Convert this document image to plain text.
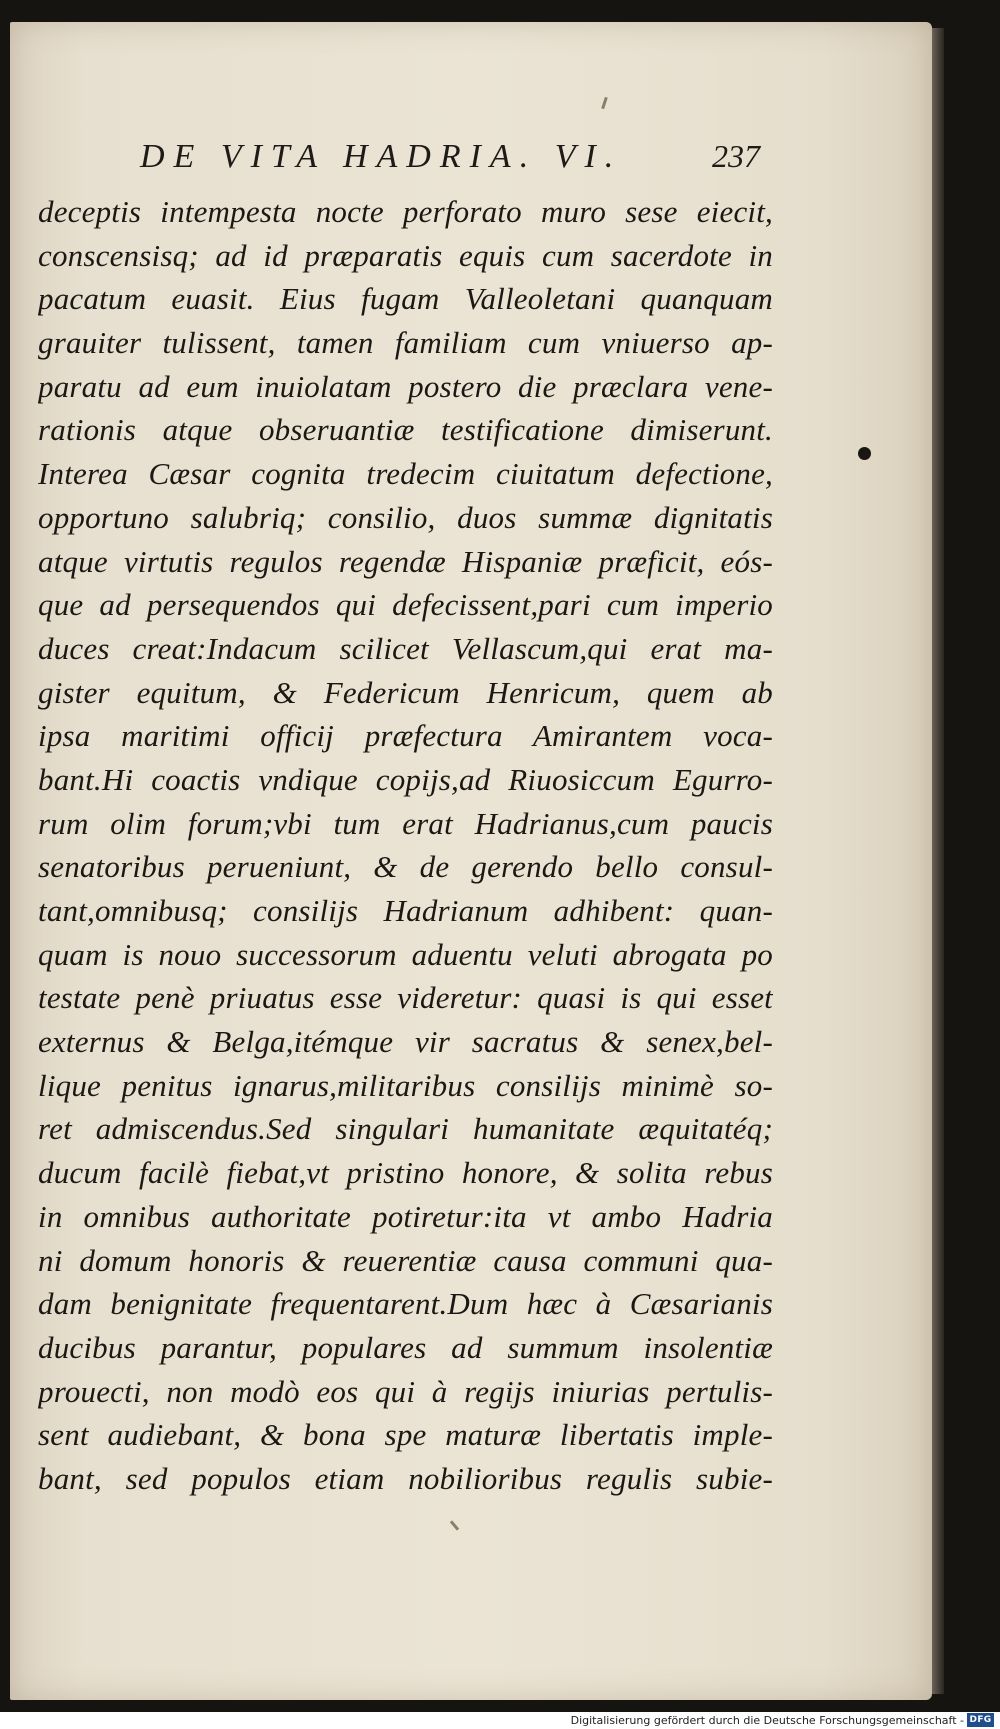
DE VITA HADRIA. VI.	237
deceptis intempesta nocte perforato muro sese eiecit,
conscensisq; ad id præparatis equis cum sacerdote in
pacatum euasit. Eius fugam Valleoletani quanquam
grauiter tulissent, tamen familiam cum vniuerso ap-
paratu ad eum inuiolatam postero die præclara vene-
rationis atque obseruantiæ testificatione dimiserunt.
Interea Cæsar cognita tredecim ciuitatum defectione,
opportuno salubriq; consilio, duos summæ dignitatis
atque virtutis regulos regendæ Hispaniæ præficit, eós-
que ad persequendos qui defecissent,pari cum imperio
duces creat:Indacum scilicet Vellascum,qui erat ma-
gister equitum, & Federicum Henricum, quem ab
ipsa maritimi officij præfectura Amirantem voca-
bant.Hi coactis vndique copijs,ad Riuosiccum Egurro-
rum olim forum;vbi tum erat Hadrianus,cum paucis
senatoribus perueniunt, & de gerendo bello consul-
tant,omnibusq; consilijs Hadrianum adhibent: quan-
quam is nouo successorum aduentu veluti abrogata po
testate penè priuatus esse videretur: quasi is qui esset
externus & Belga,itémque vir sacratus & senex,bel-
lique penitus ignarus,militaribus consilijs minimè so-
ret admiscendus.Sed singulari humanitate æquitatéq;
ducum facilè fiebat,vt pristino honore, & solita rebus
in omnibus authoritate potiretur:ita vt ambo Hadria
ni domum honoris & reuerentiæ causa communi qua-
dam benignitate frequentarent.Dum hæc à Cæsarianis
ducibus parantur, populares ad summum insolentiæ
prouecti, non modò eos qui à regijs iniurias pertulis-
sent audiebant, & bona spe maturæ libertatis imple-
bant, sed populos etiam nobilioribus regulis subie-
Digitalisierung gefördert durch die Deutsche Forschungsgemeinschaft - DFG
